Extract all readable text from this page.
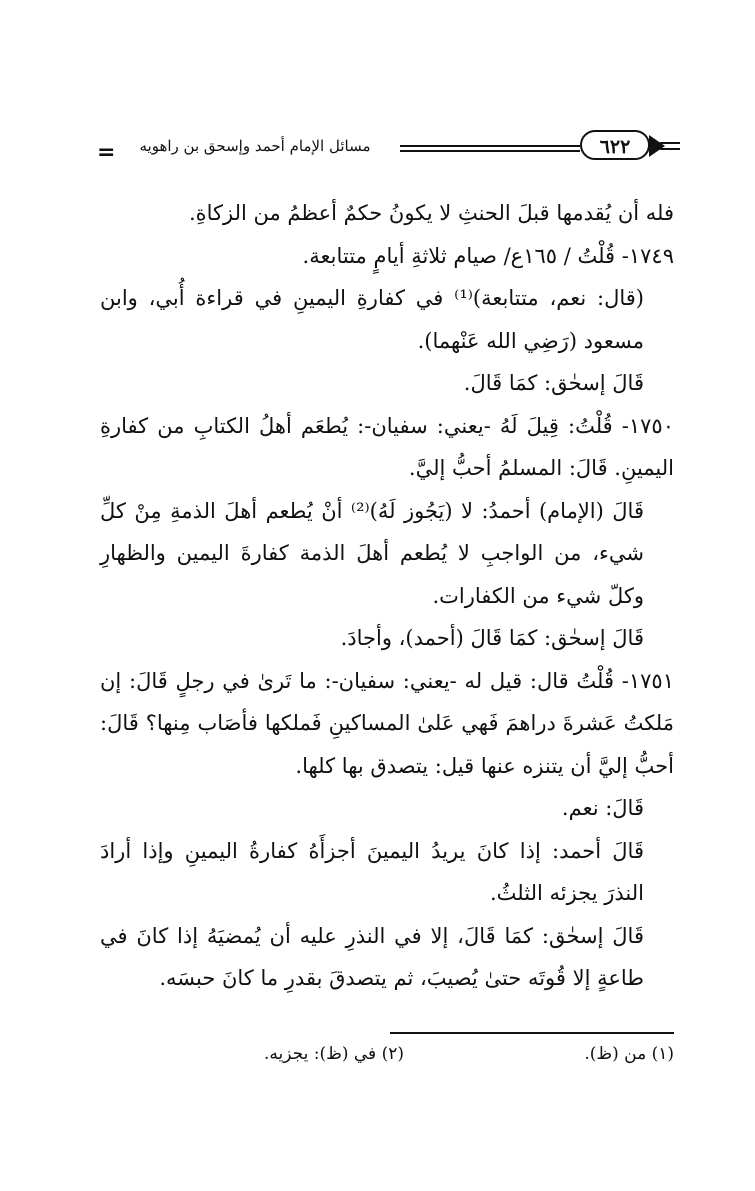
=	مسائل الإمام أحمد وإسحق بن راهويه	٦٢٢

فله أن يُقدمها قبلَ الحنثِ لا يكونُ حكمٌ أعظمُ من الزكاةِ.

١٧٤٩- قُلْتُ / ١٦٥ع/ صيام ثلاثةِ أيامٍ متتابعة.

(قال: نعم، متتابعة)⁽¹⁾ في كفارةِ اليمينِ في قراءة أُبي، وابن مسعود (رَضِي الله عَنْهما).

قَالَ إسحٰق: كمَا قَالَ.

١٧٥٠- قُلْتُ: قِيلَ لَهُ -يعني: سفيان-: يُطعَم أهلُ الكتابِ من كفارةِ اليمينِ. قَالَ: المسلمُ أحبُّ إليَّ.

قَالَ (الإمام) أحمدُ: لا (يَجُوز لَهُ)⁽²⁾ أنْ يُطعم أهلَ الذمةِ مِنْ كلِّ شيء، من الواجبِ لا يُطعم أهلَ الذمة كفارةَ اليمين والظهارِ وكلّ شيء من الكفارات.

قَالَ إسحٰق: كمَا قَالَ (أحمد)، وأجادَ.

١٧٥١- قُلْتُ قال: قيل له -يعني: سفيان-: ما تَرىٰ في رجلٍ قَالَ: إن مَلكتُ عَشرةَ دراهمَ فَهي عَلىٰ المساكينِ فَملكها فأصَاب مِنها؟ قَالَ: أحبُّ إليَّ أن يتنزه عنها قيل: يتصدق بها كلها.

قَالَ: نعم.

قَالَ أحمد: إذا كانَ يريدُ اليمينَ أجزأَهُ كفارةُ اليمينِ وإذا أرادَ النذرَ يجزئه الثلثُ.

قَالَ إسحٰق: كمَا قَالَ، إلا في النذرِ عليه أن يُمضيَهُ إذا كانَ في طاعةٍ إلا قُوتَه حتىٰ يُصيبَ، ثم يتصدقَ بقدرِ ما كانَ حبسَه.

(١) من (ظ).
(٢) في (ظ): يجزيه.
